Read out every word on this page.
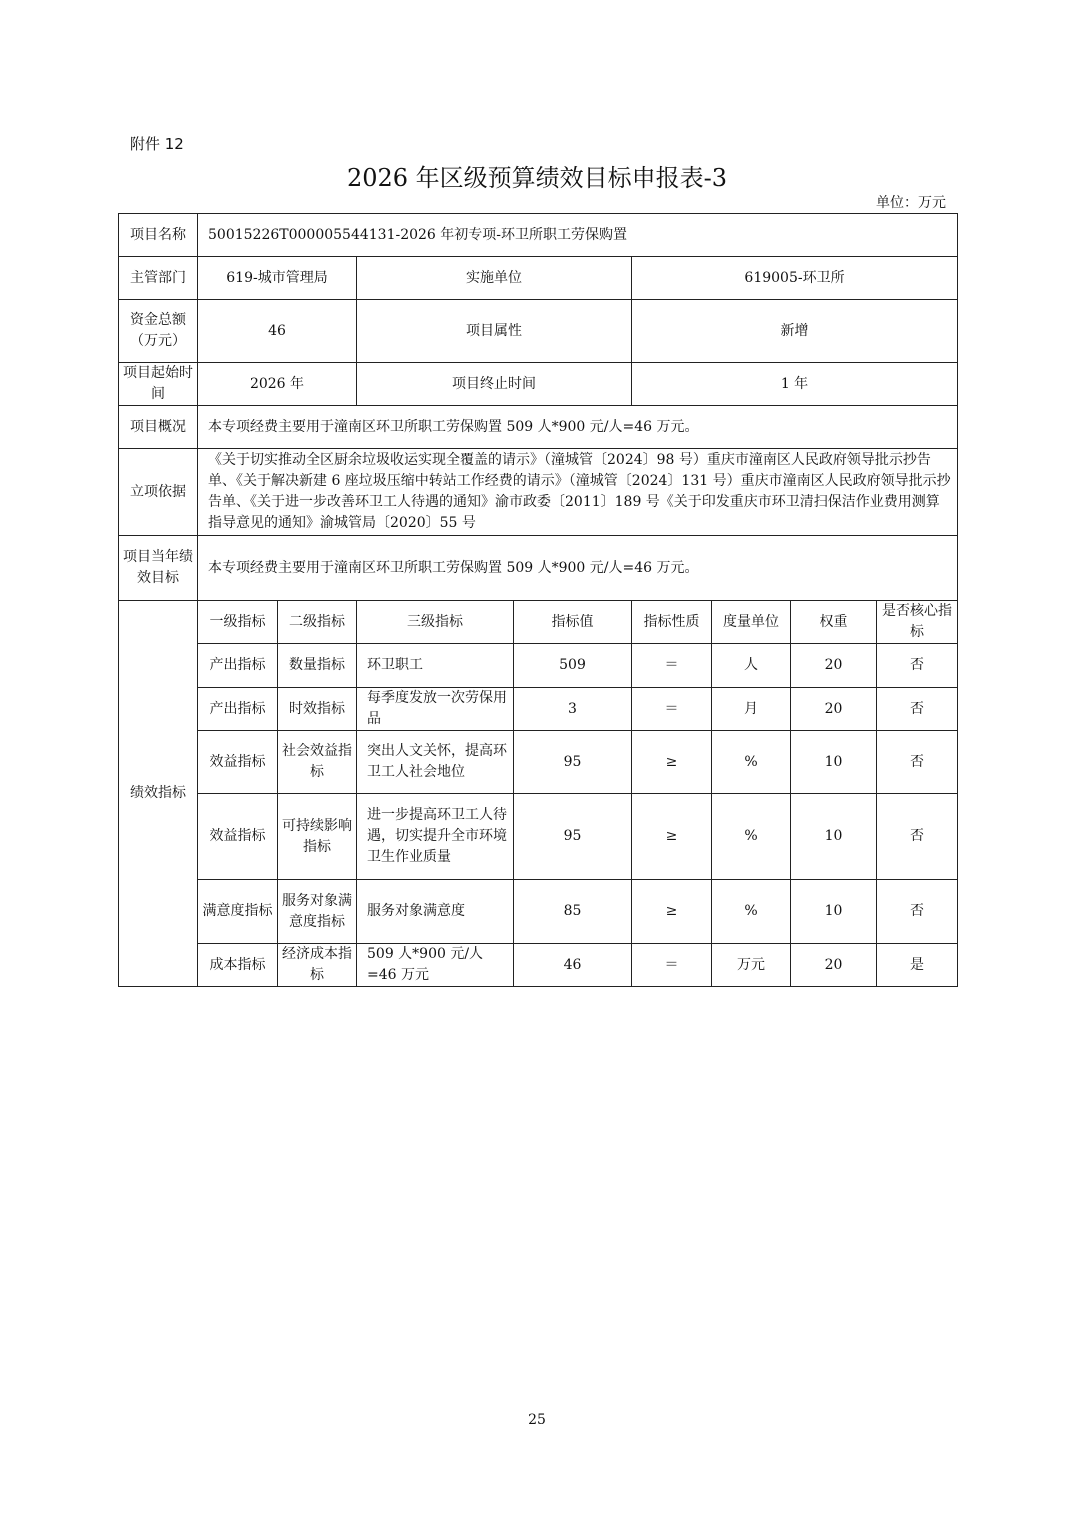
附件 12
2026 年区级预算绩效目标申报表-3
单位：万元
项目名称	50015226T000005544131-2026 年初专项-环卫所职工劳保购置							
主管部门	619-城市管理局		实施单位		619005-环卫所			
资金总额（万元）	46		项目属性		新增			
项目起始时间	2026 年		项目终止时间		1 年			
项目概况	本专项经费主要用于潼南区环卫所职工劳保购置 509 人*900 元/人=46 万元。							
立项依据	《关于切实推动全区厨余垃圾收运实现全覆盖的请示》（潼城管〔2024〕98 号）重庆市潼南区人民政府领导批示抄告单、《关于解决新建 6 座垃圾压缩中转站工作经费的请示》（潼城管〔2024〕131 号）重庆市潼南区人民政府领导批示抄告单、《关于进一步改善环卫工人待遇的通知》渝市政委〔2011〕189 号《关于印发重庆市环卫清扫保洁作业费用测算指导意见的通知》渝城管局〔2020〕55 号							
项目当年绩效目标	本专项经费主要用于潼南区环卫所职工劳保购置 509 人*900 元/人=46 万元。							
绩效指标	一级指标	二级指标	三级指标	指标值	指标性质	度量单位	权重	是否核心指标
	产出指标	数量指标	环卫职工	509	＝	人	20	否
	产出指标	时效指标	每季度发放一次劳保用品	3	＝	月	20	否
	效益指标	社会效益指标	突出人文关怀，提高环卫工人社会地位	95	≥	%	10	否
	效益指标	可持续影响指标	进一步提高环卫工人待遇，切实提升全市环境卫生作业质量	95	≥	%	10	否
	满意度指标	服务对象满意度指标	服务对象满意度	85	≥	%	10	否
	成本指标	经济成本指标	509 人*900 元/人=46 万元	46	＝	万元	20	是
25
